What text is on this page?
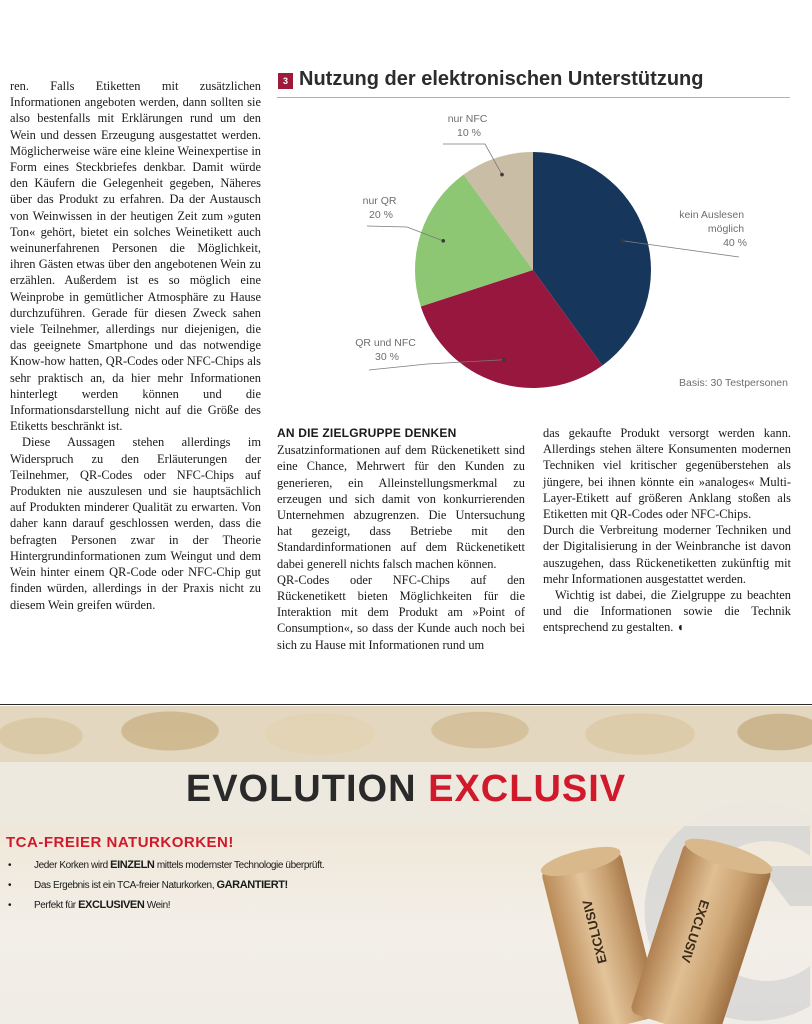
ren. Falls Etiketten mit zusätzlichen Informationen angeboten werden, dann sollten sie also bestenfalls mit Erklärungen rund um den Wein und dessen Erzeugung ausgestattet werden. Möglicherweise wäre eine kleine Weinexpertise in Form eines Steckbriefes denkbar. Damit würde den Käufern die Gelegenheit gegeben, Näheres über das Produkt zu erfahren. Da der Austausch von Weinwissen in der heutigen Zeit zum »guten Ton« gehört, bietet ein solches Weinetikett auch weinunerfahrenen Personen die Möglichkeit, ihren Gästen etwas über den angebotenen Wein zu erzählen. Außerdem ist es so möglich eine Weinprobe in gemütlicher Atmosphäre zu Hause durchzuführen. Gerade für diesen Zweck sahen viele Teilnehmer, allerdings nur diejenigen, die das geeignete Smartphone und das notwendige Know-how hatten, QR-Codes oder NFC-Chips als sehr praktisch an, da hier mehr Informationen hinterlegt werden können und die Informationsdarstellung nicht auf die Größe des Etiketts beschränkt ist.

Diese Aussagen stehen allerdings im Widerspruch zu den Erläuterungen der Teilnehmer, QR-Codes oder NFC-Chips auf Produkten nie auszulesen und sie hauptsächlich auf Produkten minderer Qualität zu erwarten. Von daher kann darauf geschlossen werden, dass die befragten Personen zwar in der Theorie Hintergrundinformationen zum Weingut und dem Wein hinter einem QR-Code oder NFC-Chip gut finden würden, allerdings in der Praxis nicht zu diesem Wein greifen würden.

3 Nutzung der elektronischen Unterstützung
kein Auslesen möglich 40 %
QR und NFC 30 %
nur QR 20 %
nur NFC 10 %
Basis: 30 Testpersonen
AN DIE ZIELGRUPPE DENKEN

Zusatzinformationen auf dem Rückenetikett sind eine Chance, Mehrwert für den Kunden zu generieren, ein Alleinstellungsmerkmal zu erzeugen und sich damit von konkurrierenden Unternehmen abzugrenzen. Die Untersuchung hat gezeigt, dass Betriebe mit den Standardinformationen auf dem Rückenetikett dabei generell nichts falsch machen können.

QR-Codes oder NFC-Chips auf den Rückenetikett bieten Möglichkeiten für die Interaktion mit dem Produkt am »Point of Consumption«, so dass der Kunde auch noch bei sich zu Hause mit Informationen rund um

das gekaufte Produkt versorgt werden kann. Allerdings stehen ältere Konsumenten modernen Techniken viel kritischer gegenüberstehen als jüngere, bei ihnen könnte ein »analoges« Multi-Layer-Etikett auf größeren Anklang stoßen als Etiketten mit QR-Codes oder NFC-Chips.

Durch die Verbreitung moderner Techniken und der Digitalisierung in der Weinbranche ist davon auszugehen, dass Rückenetiketten zukünftig mit mehr Informationen ausgestattet werden.

Wichtig ist dabei, die Zielgruppe zu beachten und die Informationen sowie die Technik entsprechend zu gestalten. ◖

EVOLUTION EXCLUSIV
TCA-FREIER NATURKORKEN!
• Jeder Korken wird EINZELN mittels modernster Technologie überprüft.
• Das Ergebnis ist ein TCA-freier Naturkorken, GARANTIERT!
• Perfekt für EXCLUSIVEN Wein!	EXCLUSIV	EXCLUSIV
